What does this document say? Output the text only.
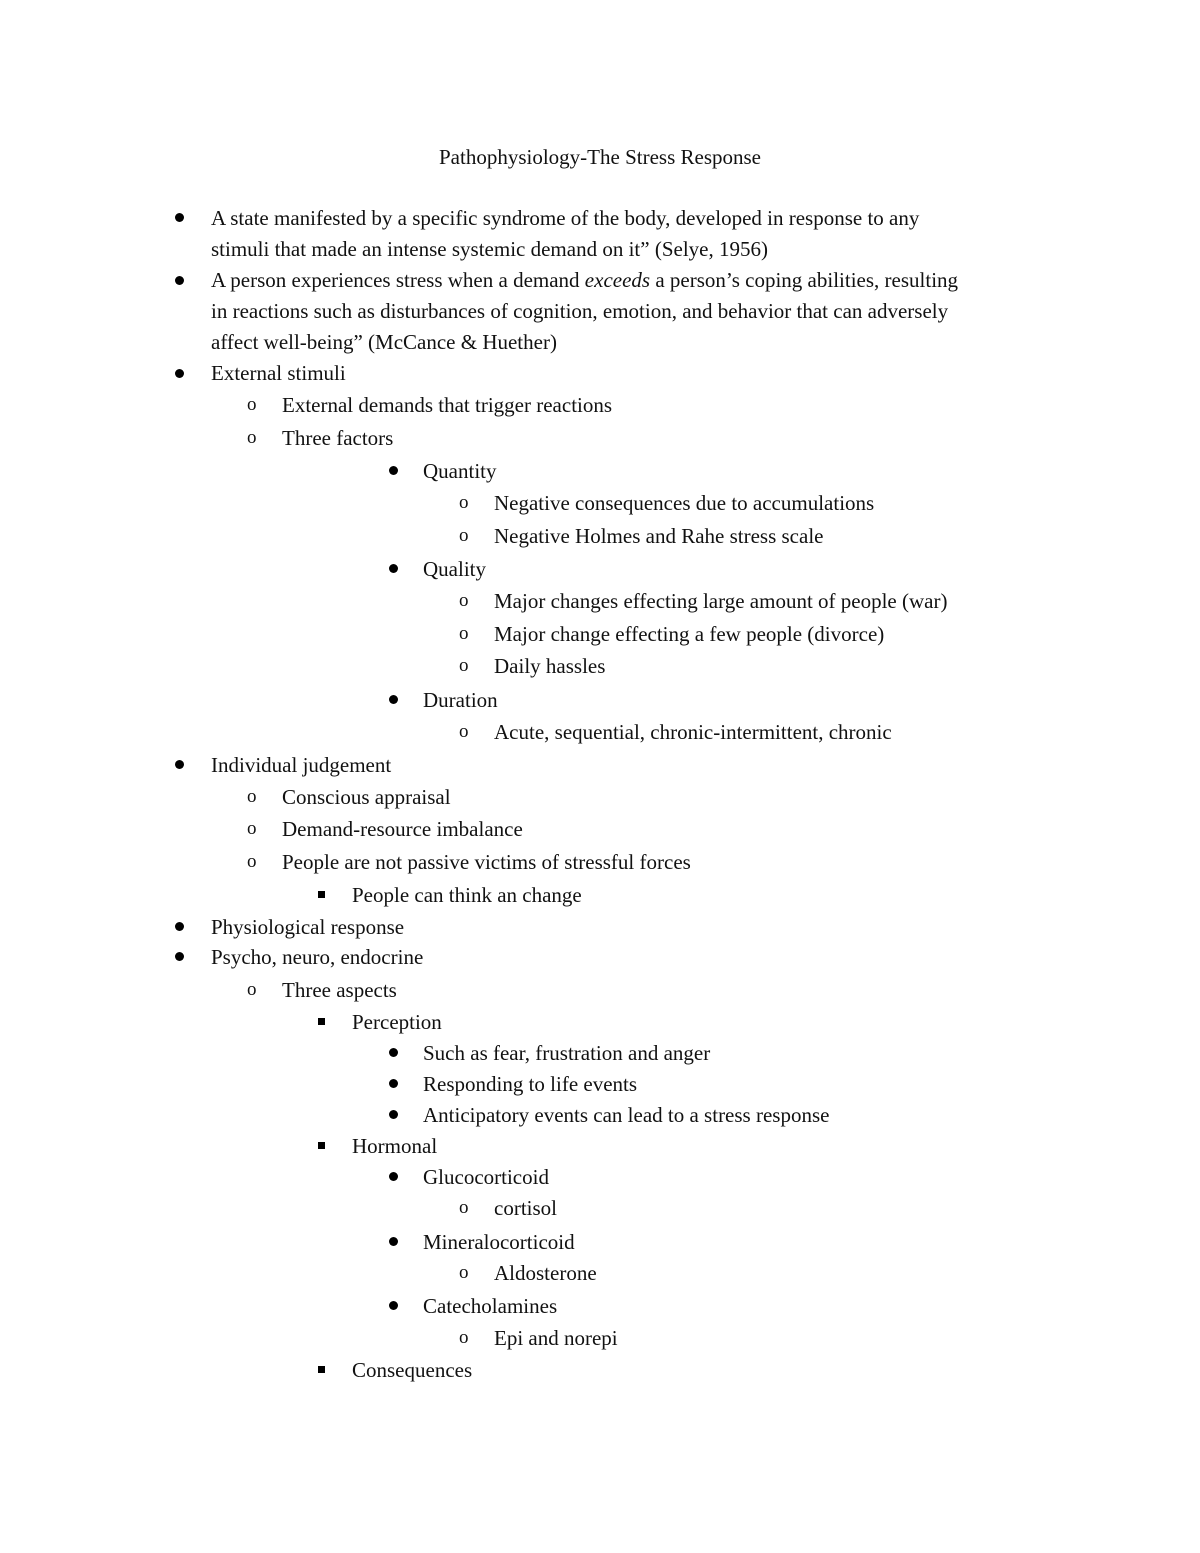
Pathophysiology-The Stress Response
A state manifested by a specific syndrome of the body, developed in response to any
stimuli that made an intense systemic demand on it” (Selye, 1956)
A person experiences stress when a demand exceeds a person’s coping abilities, resulting
in reactions such as disturbances of cognition, emotion, and behavior that can adversely
affect well-being” (McCance & Huether)
External stimuli
o External demands that trigger reactions
o Three factors
Quantity
o Negative consequences due to accumulations
o Negative Holmes and Rahe stress scale
Quality
o Major changes effecting large amount of people (war)
o Major change effecting a few people (divorce)
o Daily hassles
Duration
o Acute, sequential, chronic-intermittent, chronic
Individual judgement
o Conscious appraisal
o Demand-resource imbalance
o People are not passive victims of stressful forces
People can think an change
Physiological response
Psycho, neuro, endocrine
o Three aspects
Perception
Such as fear, frustration and anger
Responding to life events
Anticipatory events can lead to a stress response
Hormonal
Glucocorticoid
o cortisol
Mineralocorticoid
o Aldosterone
Catecholamines
o Epi and norepi
Consequences
